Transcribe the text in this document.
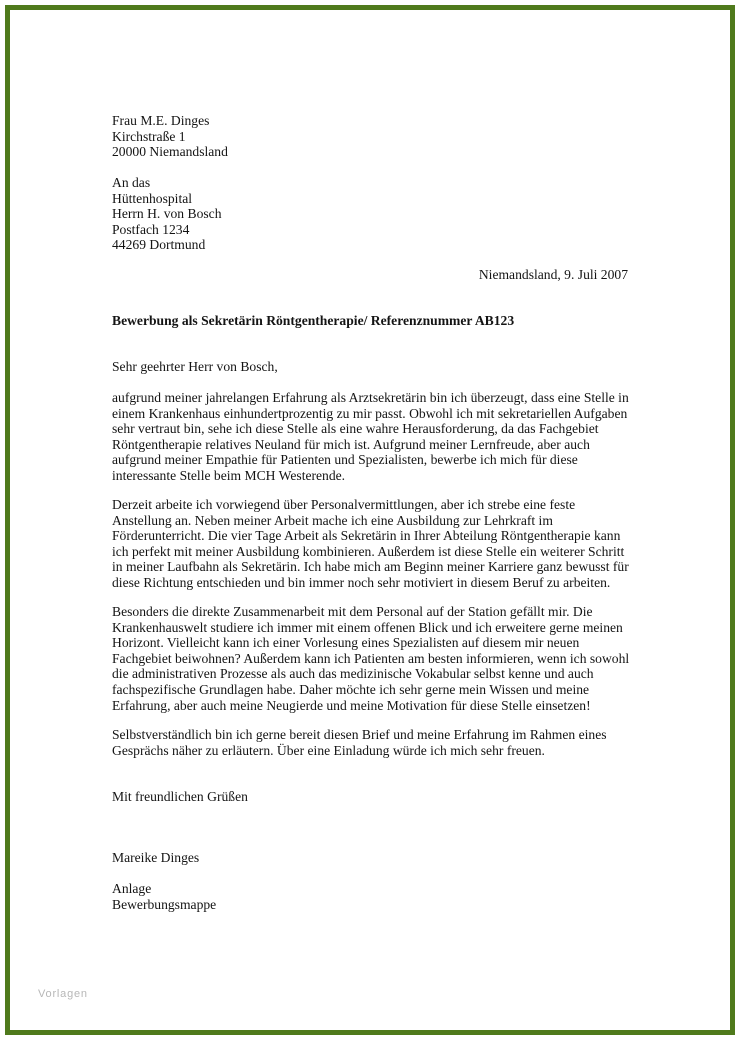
Frau M.E. Dinges
Kirchstraße 1
20000 Niemandsland
An das
Hüttenhospital
Herrn H. von Bosch
Postfach 1234
44269 Dortmund
Niemandsland, 9. Juli 2007
Bewerbung als Sekretärin Röntgentherapie/ Referenznummer AB123
Sehr geehrter Herr von Bosch,
aufgrund meiner jahrelangen Erfahrung als Arztsekretärin bin ich überzeugt, dass eine Stelle in
einem Krankenhaus einhundertprozentig zu mir passt. Obwohl ich mit sekretariellen Aufgaben
sehr vertraut bin, sehe ich diese Stelle als eine wahre Herausforderung, da das Fachgebiet
Röntgentherapie relatives Neuland für mich ist. Aufgrund meiner Lernfreude, aber auch
aufgrund meiner Empathie für Patienten und Spezialisten, bewerbe ich mich für diese
interessante Stelle beim MCH Westerende.
Derzeit arbeite ich vorwiegend über Personalvermittlungen, aber ich strebe eine feste
Anstellung an. Neben meiner Arbeit mache ich eine Ausbildung zur Lehrkraft im
Förderunterricht. Die vier Tage Arbeit als Sekretärin in Ihrer Abteilung Röntgentherapie kann
ich perfekt mit meiner Ausbildung kombinieren. Außerdem ist diese Stelle ein weiterer Schritt
in meiner Laufbahn als Sekretärin. Ich habe mich am Beginn meiner Karriere ganz bewusst für
diese Richtung entschieden und bin immer noch sehr motiviert in diesem Beruf zu arbeiten.
Besonders die direkte Zusammenarbeit mit dem Personal auf der Station gefällt mir. Die
Krankenhauswelt studiere ich immer mit einem offenen Blick und ich erweitere gerne meinen
Horizont. Vielleicht kann ich einer Vorlesung eines Spezialisten auf diesem mir neuen
Fachgebiet beiwohnen? Außerdem kann ich Patienten am besten informieren, wenn ich sowohl
die administrativen Prozesse als auch das medizinische Vokabular selbst kenne und auch
fachspezifische Grundlagen habe. Daher möchte ich sehr gerne mein Wissen und meine
Erfahrung, aber auch meine Neugierde und meine Motivation für diese Stelle einsetzen!
Selbstverständlich bin ich gerne bereit diesen Brief und meine Erfahrung im Rahmen eines
Gesprächs näher zu erläutern. Über eine Einladung würde ich mich sehr freuen.
Mit freundlichen Grüßen
Mareike Dinges
Anlage
Bewerbungsmappe
Vorlagen
